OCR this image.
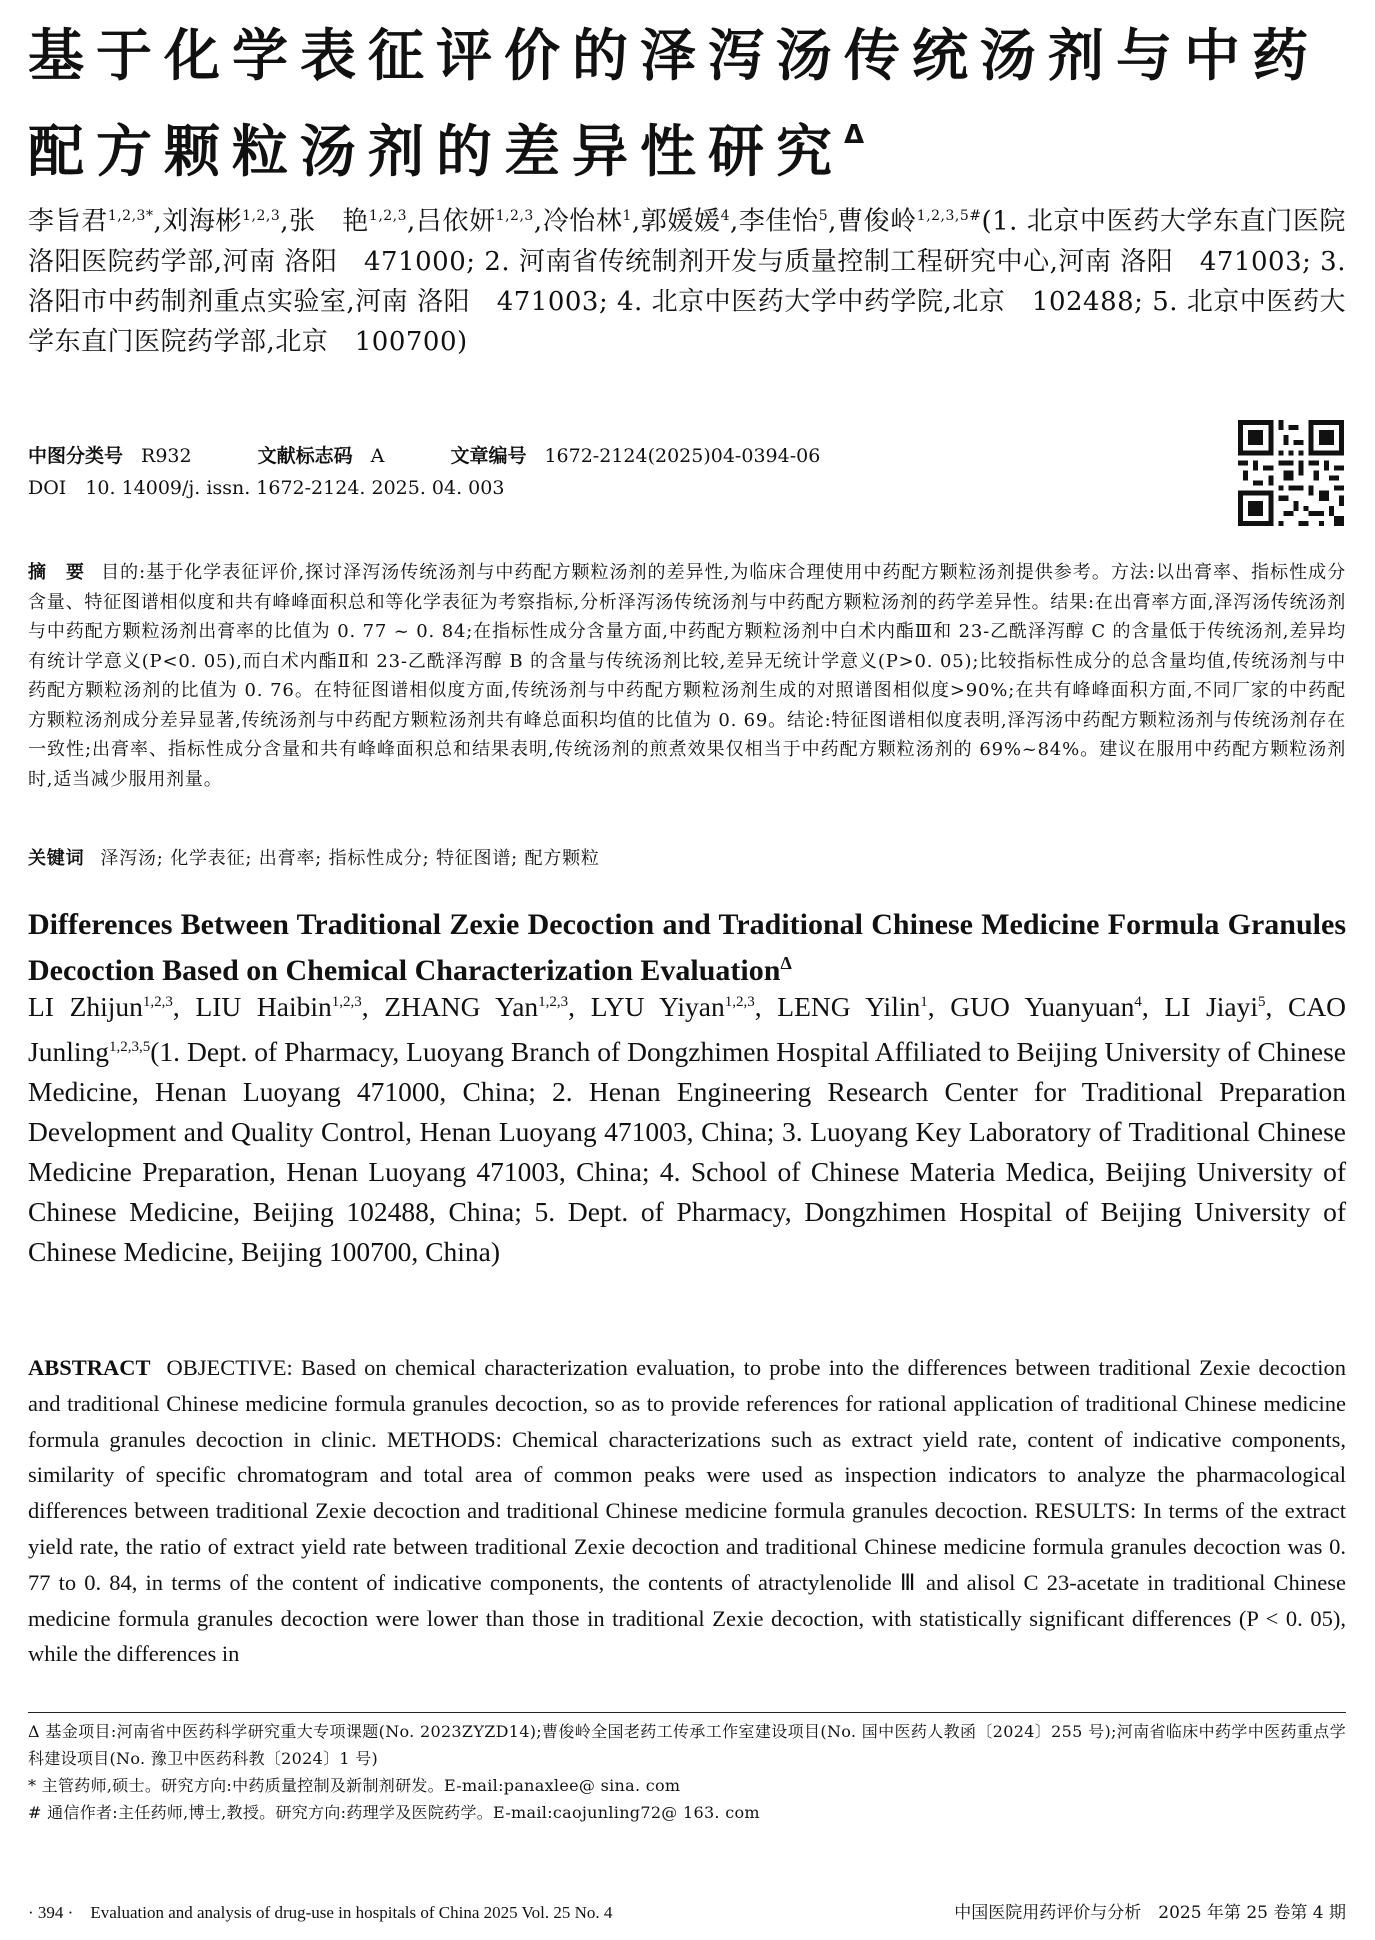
基于化学表征评价的泽泻汤传统汤剂与中药配方颗粒汤剂的差异性研究$^\Delta$

李旨君$^{1,2,3*}$,刘海彬$^{1,2,3}$,张　艳$^{1,2,3}$,吕依妍$^{1,2,3}$,冷怡林$^1$,郭媛媛$^4$,李佳怡$^5$,曹俊岭$^{1,2,3,5\#}$(1. 北京中医药大学东直门医院洛阳医院药学部,河南 洛阳　471000; 2. 河南省传统制剂开发与质量控制工程研究中心,河南 洛阳　471003; 3. 洛阳市中药制剂重点实验室,河南 洛阳　471003; 4. 北京中医药大学中药学院,北京　102488; 5. 北京中医药大学东直门医院药学部,北京　100700)

中图分类号 R932	文献标志码 A	文章编号 1672-2124(2025)04-0394-06
DOI　10. 14009/j. issn. 1672-2124. 2025. 04. 003

摘　要 目的:基于化学表征评价,探讨泽泻汤传统汤剂与中药配方颗粒汤剂的差异性,为临床合理使用中药配方颗粒汤剂提供参考。方法:以出膏率、指标性成分含量、特征图谱相似度和共有峰峰面积总和等化学表征为考察指标,分析泽泻汤传统汤剂与中药配方颗粒汤剂的药学差异性。结果:在出膏率方面,泽泻汤传统汤剂与中药配方颗粒汤剂出膏率的比值为 0. 77 ~ 0. 84;在指标性成分含量方面,中药配方颗粒汤剂中白术内酯Ⅲ和 23-乙酰泽泻醇 C 的含量低于传统汤剂,差异均有统计学意义(P<0. 05),而白术内酯Ⅱ和 23-乙酰泽泻醇 B 的含量与传统汤剂比较,差异无统计学意义(P>0. 05);比较指标性成分的总含量均值,传统汤剂与中药配方颗粒汤剂的比值为 0. 76。在特征图谱相似度方面,传统汤剂与中药配方颗粒汤剂生成的对照谱图相似度>90%;在共有峰峰面积方面,不同厂家的中药配方颗粒汤剂成分差异显著,传统汤剂与中药配方颗粒汤剂共有峰总面积均值的比值为 0. 69。结论:特征图谱相似度表明,泽泻汤中药配方颗粒汤剂与传统汤剂存在一致性;出膏率、指标性成分含量和共有峰峰面积总和结果表明,传统汤剂的煎煮效果仅相当于中药配方颗粒汤剂的 69%~84%。建议在服用中药配方颗粒汤剂时,适当减少服用剂量。

关键词 泽泻汤; 化学表征; 出膏率; 指标性成分; 特征图谱; 配方颗粒
Differences Between Traditional Zexie Decoction and Traditional Chinese Medicine Formula Granules Decoction Based on Chemical Characterization Evaluation$^\Delta$

LI Zhijun$^{1,2,3}$, LIU Haibin$^{1,2,3}$, ZHANG Yan$^{1,2,3}$, LYU Yiyan$^{1,2,3}$, LENG Yilin$^1$, GUO Yuanyuan$^4$, LI Jiayi$^5$, CAO Junling$^{1,2,3,5}$(1. Dept. of Pharmacy, Luoyang Branch of Dongzhimen Hospital Affiliated to Beijing University of Chinese Medicine, Henan Luoyang 471000, China; 2. Henan Engineering Research Center for Traditional Preparation Development and Quality Control, Henan Luoyang 471003, China; 3. Luoyang Key Laboratory of Traditional Chinese Medicine Preparation, Henan Luoyang 471003, China; 4. School of Chinese Materia Medica, Beijing University of Chinese Medicine, Beijing 102488, China; 5. Dept. of Pharmacy, Dongzhimen Hospital of Beijing University of Chinese Medicine, Beijing 100700, China)

ABSTRACT OBJECTIVE: Based on chemical characterization evaluation, to probe into the differences between traditional Zexie decoction and traditional Chinese medicine formula granules decoction, so as to provide references for rational application of traditional Chinese medicine formula granules decoction in clinic. METHODS: Chemical characterizations such as extract yield rate, content of indicative components, similarity of specific chromatogram and total area of common peaks were used as inspection indicators to analyze the pharmacological differences between traditional Zexie decoction and traditional Chinese medicine formula granules decoction. RESULTS: In terms of the extract yield rate, the ratio of extract yield rate between traditional Zexie decoction and traditional Chinese medicine formula granules decoction was 0. 77 to 0. 84, in terms of the content of indicative components, the contents of atractylenolide Ⅲ and alisol C 23-acetate in traditional Chinese medicine formula granules decoction were lower than those in traditional Zexie decoction, with statistically significant differences (P < 0. 05), while the differences in

Δ 基金项目:河南省中医药科学研究重大专项课题(No. 2023ZYZD14);曹俊岭全国老药工传承工作室建设项目(No. 国中医药人教函〔2024〕255 号);河南省临床中药学中医药重点学科建设项目(No. 豫卫中医药科教〔2024〕1 号)

* 主管药师,硕士。研究方向:中药质量控制及新制剂研发。E-mail:panaxlee@ sina. com

# 通信作者:主任药师,博士,教授。研究方向:药理学及医院药学。E-mail:caojunling72@ 163. com

· 394 ·　Evaluation and analysis of drug-use in hospitals of China 2025 Vol. 25 No. 4	中国医院用药评价与分析　2025 年第 25 卷第 4 期
